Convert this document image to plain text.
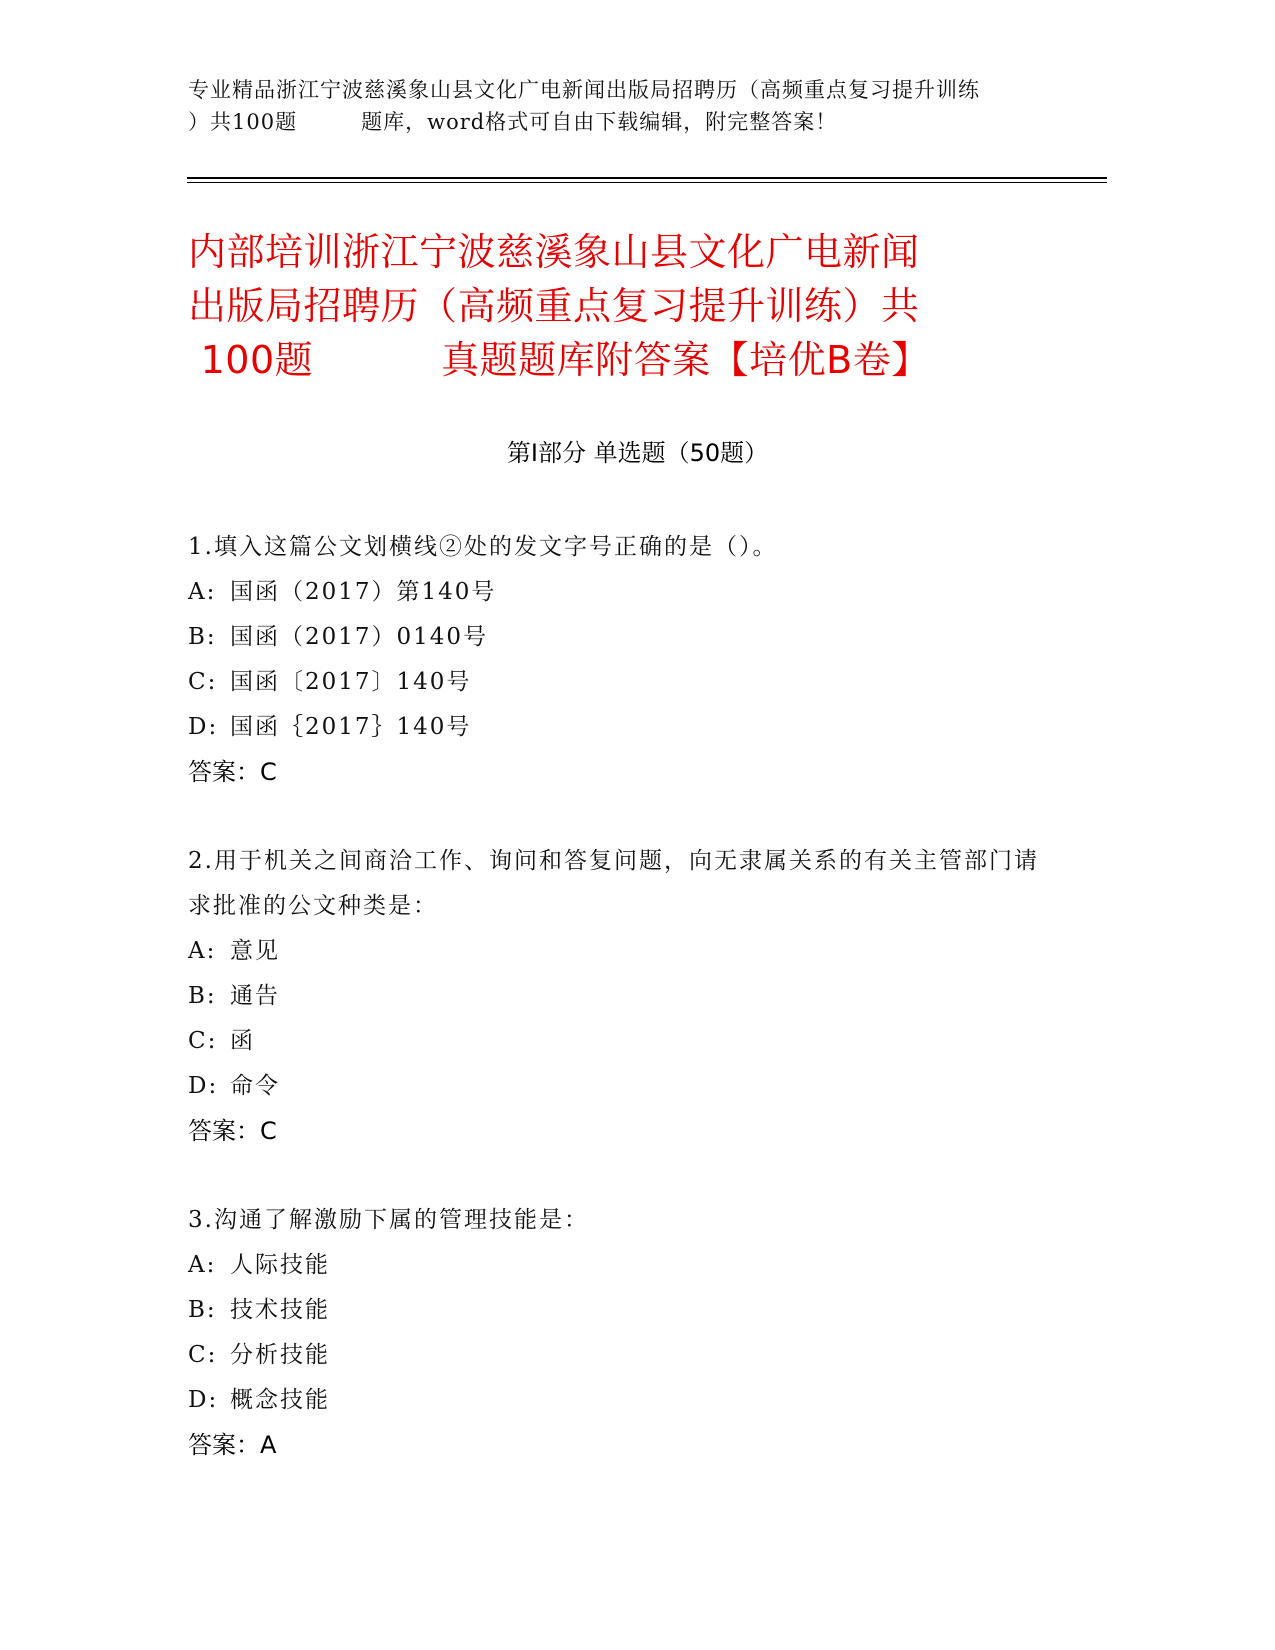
专业精品浙江宁波慈溪象山县文化广电新闻出版局招聘历（高频重点复习提升训练
）共100题	题库，word格式可自由下载编辑，附完整答案！
内部培训浙江宁波慈溪象山县文化广电新闻
出版局招聘历（高频重点复习提升训练）共
100题	真题题库附答案【培优B卷】
第Ⅰ部分 单选题（50题）
1.填入这篇公文划横线②处的发文字号正确的是（）。
A: 国函（2017）第140号
B: 国函（2017）0140号
C: 国函〔2017〕140号
D: 国函｛2017｝140号
答案：C
2.用于机关之间商洽工作、询问和答复问题，向无隶属关系的有关主管部门请求批准的公文种类是：
A: 意见
B: 通告
C: 函
D: 命令
答案：C
3.沟通了解激励下属的管理技能是：
A: 人际技能
B: 技术技能
C: 分析技能
D: 概念技能
答案：A
